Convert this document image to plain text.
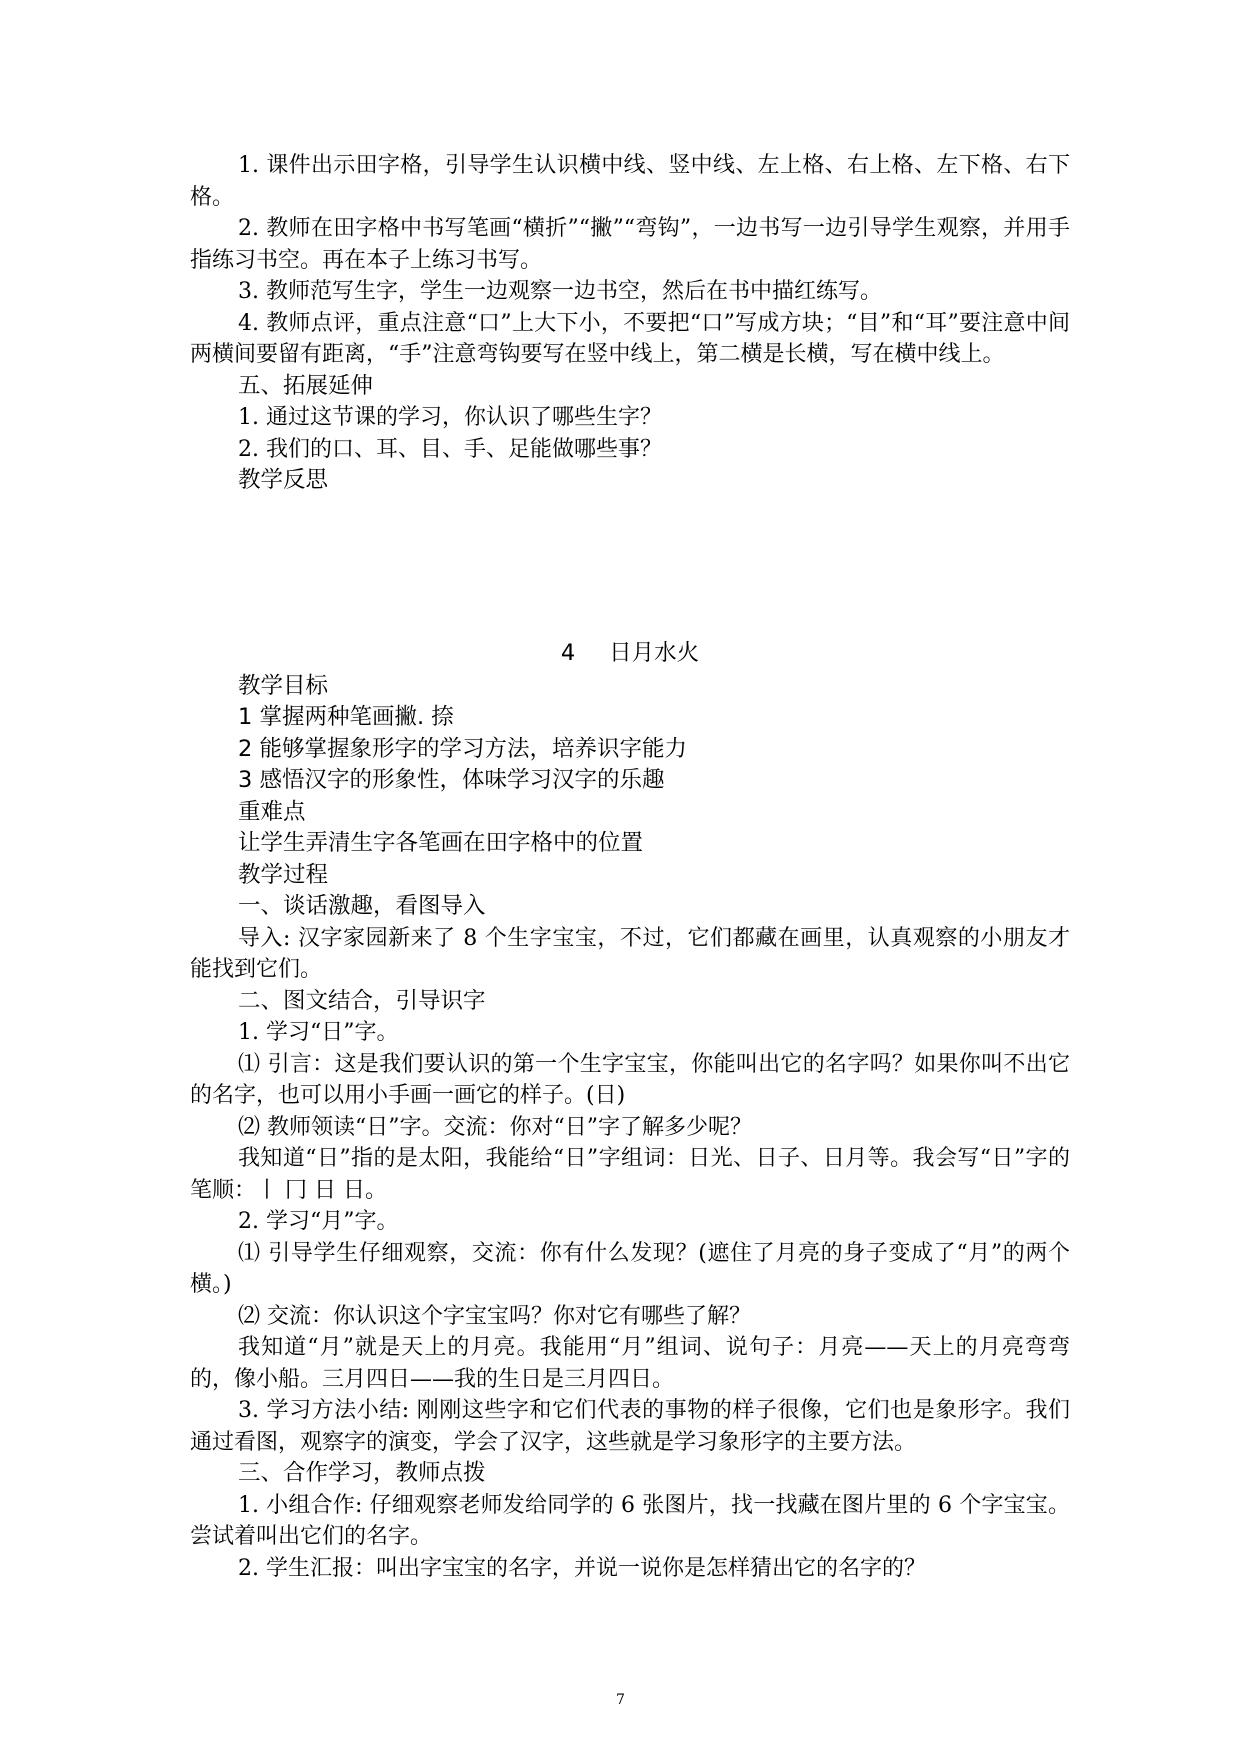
1. 课件出示田字格，引导学生认识横中线、竖中线、左上格、右上格、左下格、右下格。

2. 教师在田字格中书写笔画“横折”“撇”“弯钩”，一边书写一边引导学生观察，并用手指练习书空。再在本子上练习书写。

3. 教师范写生字，学生一边观察一边书空，然后在书中描红练写。

4. 教师点评，重点注意“口”上大下小，不要把“口”写成方块；“目”和“耳”要注意中间两横间要留有距离，“手”注意弯钩要写在竖中线上，第二横是长横，写在横中线上。

五、拓展延伸

1. 通过这节课的学习，你认识了哪些生字？

2. 我们的口、耳、目、手、足能做哪些事？

教学反思

4 日月水火

教学目标

1 掌握两种笔画撇. 捺

2 能够掌握象形字的学习方法，培养识字能力

3 感悟汉字的形象性，体味学习汉字的乐趣

重难点

让学生弄清生字各笔画在田字格中的位置

教学过程

一、谈话激趣，看图导入

导入: 汉字家园新来了 8 个生字宝宝，不过，它们都藏在画里，认真观察的小朋友才能找到它们。

二、图文结合，引导识字

1. 学习“日”字。

⑴ 引言：这是我们要认识的第一个生字宝宝，你能叫出它的名字吗？如果你叫不出它的名字，也可以用小手画一画它的样子。(日)

⑵ 教师领读“日”字。交流：你对“日”字了解多少呢？

我知道“日”指的是太阳，我能给“日”字组词：日光、日子、日月等。我会写“日”字的笔顺：丨 冂 日 日。

2. 学习“月”字。

⑴ 引导学生仔细观察，交流：你有什么发现？(遮住了月亮的身子变成了“月”的两个横。)

⑵ 交流：你认识这个字宝宝吗？你对它有哪些了解？

我知道“月”就是天上的月亮。我能用“月”组词、说句子：月亮——天上的月亮弯弯的，像小船。三月四日——我的生日是三月四日。

3. 学习方法小结: 刚刚这些字和它们代表的事物的样子很像，它们也是象形字。我们通过看图，观察字的演变，学会了汉字，这些就是学习象形字的主要方法。

三、合作学习，教师点拨

1. 小组合作: 仔细观察老师发给同学的 6 张图片，找一找藏在图片里的 6 个字宝宝。尝试着叫出它们的名字。

2. 学生汇报：叫出字宝宝的名字，并说一说你是怎样猜出它的名字的？

7
